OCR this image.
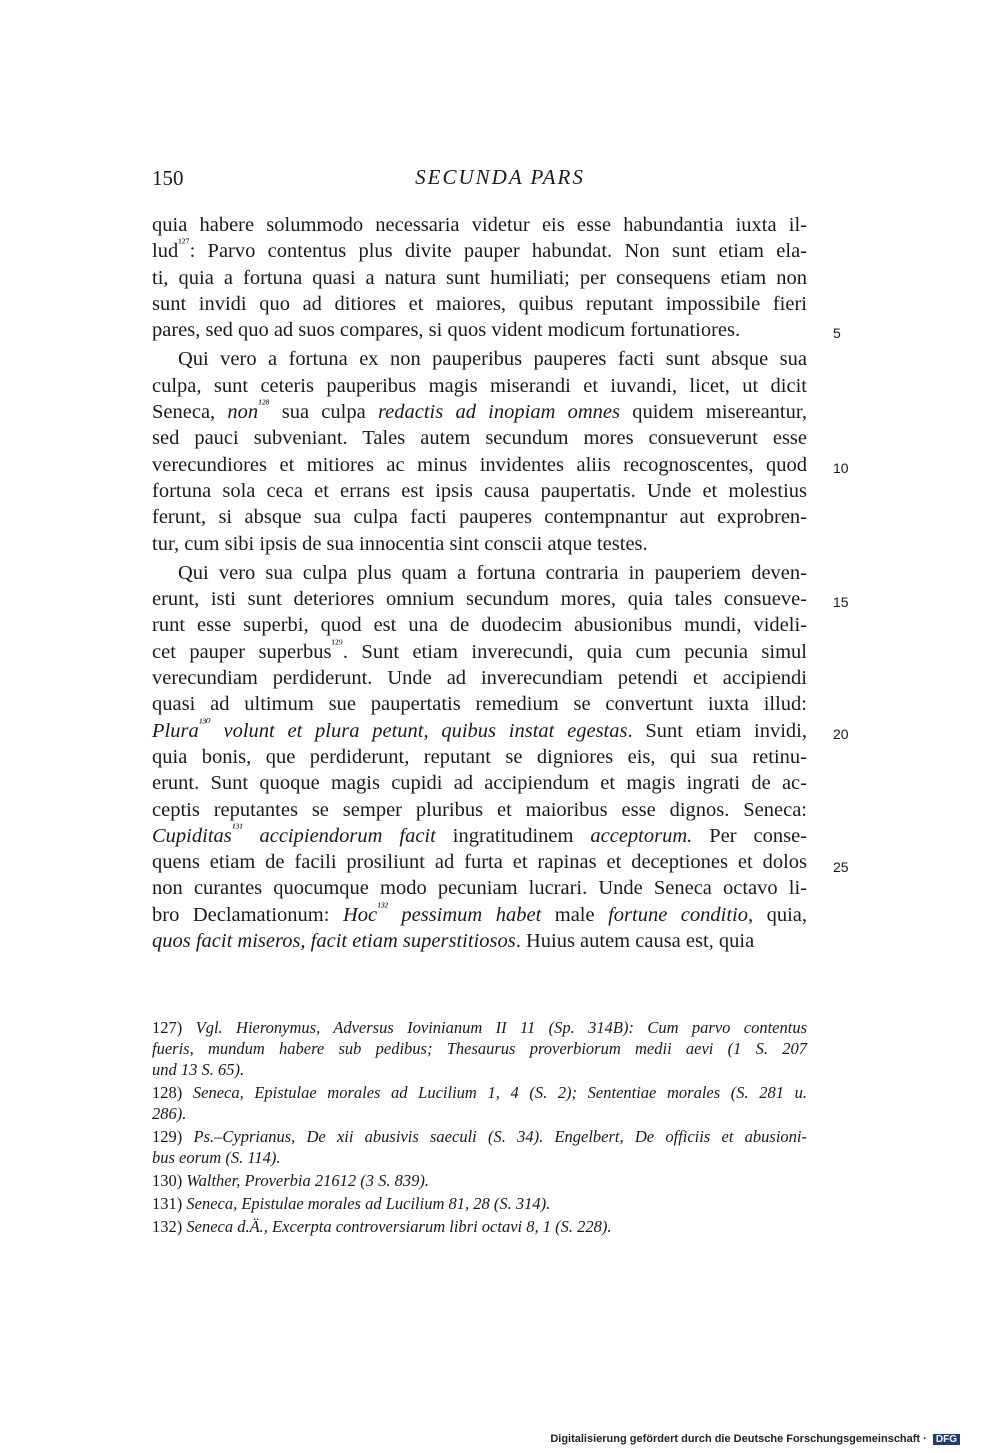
150	SECUNDA PARS
quia habere solummodo necessaria videtur eis esse habundantia iuxta il-
lud$^{^{127}}$: Parvo contentus plus divite pauper habundat. Non sunt etiam ela-
ti, quia a fortuna quasi a natura sunt humiliati; per consequens etiam non
sunt invidi quo ad ditiores et maiores, quibus reputant impossibile fieri
pares, sed quo ad suos compares, si quos vident modicum fortunatiores.
Qui vero a fortuna ex non pauperibus pauperes facti sunt absque sua
culpa, sunt ceteris pauperibus magis miserandi et iuvandi, licet, ut dicit
Seneca, non$^{^{128}}$ sua culpa redactis ad inopiam omnes quidem misereantur,
sed pauci subveniant. Tales autem secundum mores consueverunt esse
verecundiores et mitiores ac minus invidentes aliis recognoscentes, quod
fortuna sola ceca et errans est ipsis causa paupertatis. Unde et molestius
ferunt, si absque sua culpa facti pauperes contempnantur aut exprobren-
tur, cum sibi ipsis de sua innocentia sint conscii atque testes.
Qui vero sua culpa plus quam a fortuna contraria in pauperiem deven-
erunt, isti sunt deteriores omnium secundum mores, quia tales consueve-
runt esse superbi, quod est una de duodecim abusionibus mundi, videli-
cet pauper superbus$^{^{129}}$. Sunt etiam inverecundi, quia cum pecunia simul
verecundiam perdiderunt. Unde ad inverecundiam petendi et accipiendi
quasi ad ultimum sue paupertatis remedium se convertunt iuxta illud:
Plura$^{^{130}}$ volunt et plura petunt, quibus instat egestas. Sunt etiam invidi,
quia bonis, que perdiderunt, reputant se digniores eis, qui sua retinu-
erunt. Sunt quoque magis cupidi ad accipiendum et magis ingrati de ac-
ceptis reputantes se semper pluribus et maioribus esse dignos. Seneca:
Cupiditas$^{^{131}}$ accipiendorum facit ingratitudinem acceptorum. Per conse-
quens etiam de facili prosiliunt ad furta et rapinas et deceptiones et dolos
non curantes quocumque modo pecuniam lucrari. Unde Seneca octavo li-
bro Declamationum: Hoc$^{^{132}}$ pessimum habet male fortune conditio, quia,
quos facit miseros, facit etiam superstitiosos. Huius autem causa est, quia
5
10
15
20
25
127) Vgl. Hieronymus, Adversus Iovinianum II 11 (Sp. 314B): Cum parvo contentus
fueris, mundum habere sub pedibus; Thesaurus proverbiorum medii aevi (1 S. 207
und 13 S. 65).
128) Seneca, Epistulae morales ad Lucilium 1, 4 (S. 2); Sententiae morales (S. 281 u.
286).
129) Ps.–Cyprianus, De xii abusivis saeculi (S. 34). Engelbert, De officiis et abusioni-
bus eorum (S. 114).
130) Walther, Proverbia 21612 (3 S. 839).
131) Seneca, Epistulae morales ad Lucilium 81, 28 (S. 314).
132) Seneca d.Ä., Excerpta controversiarum libri octavi 8, 1 (S. 228).
Digitalisierung gefördert durch die Deutsche Forschungsgemeinschaft · DFG
